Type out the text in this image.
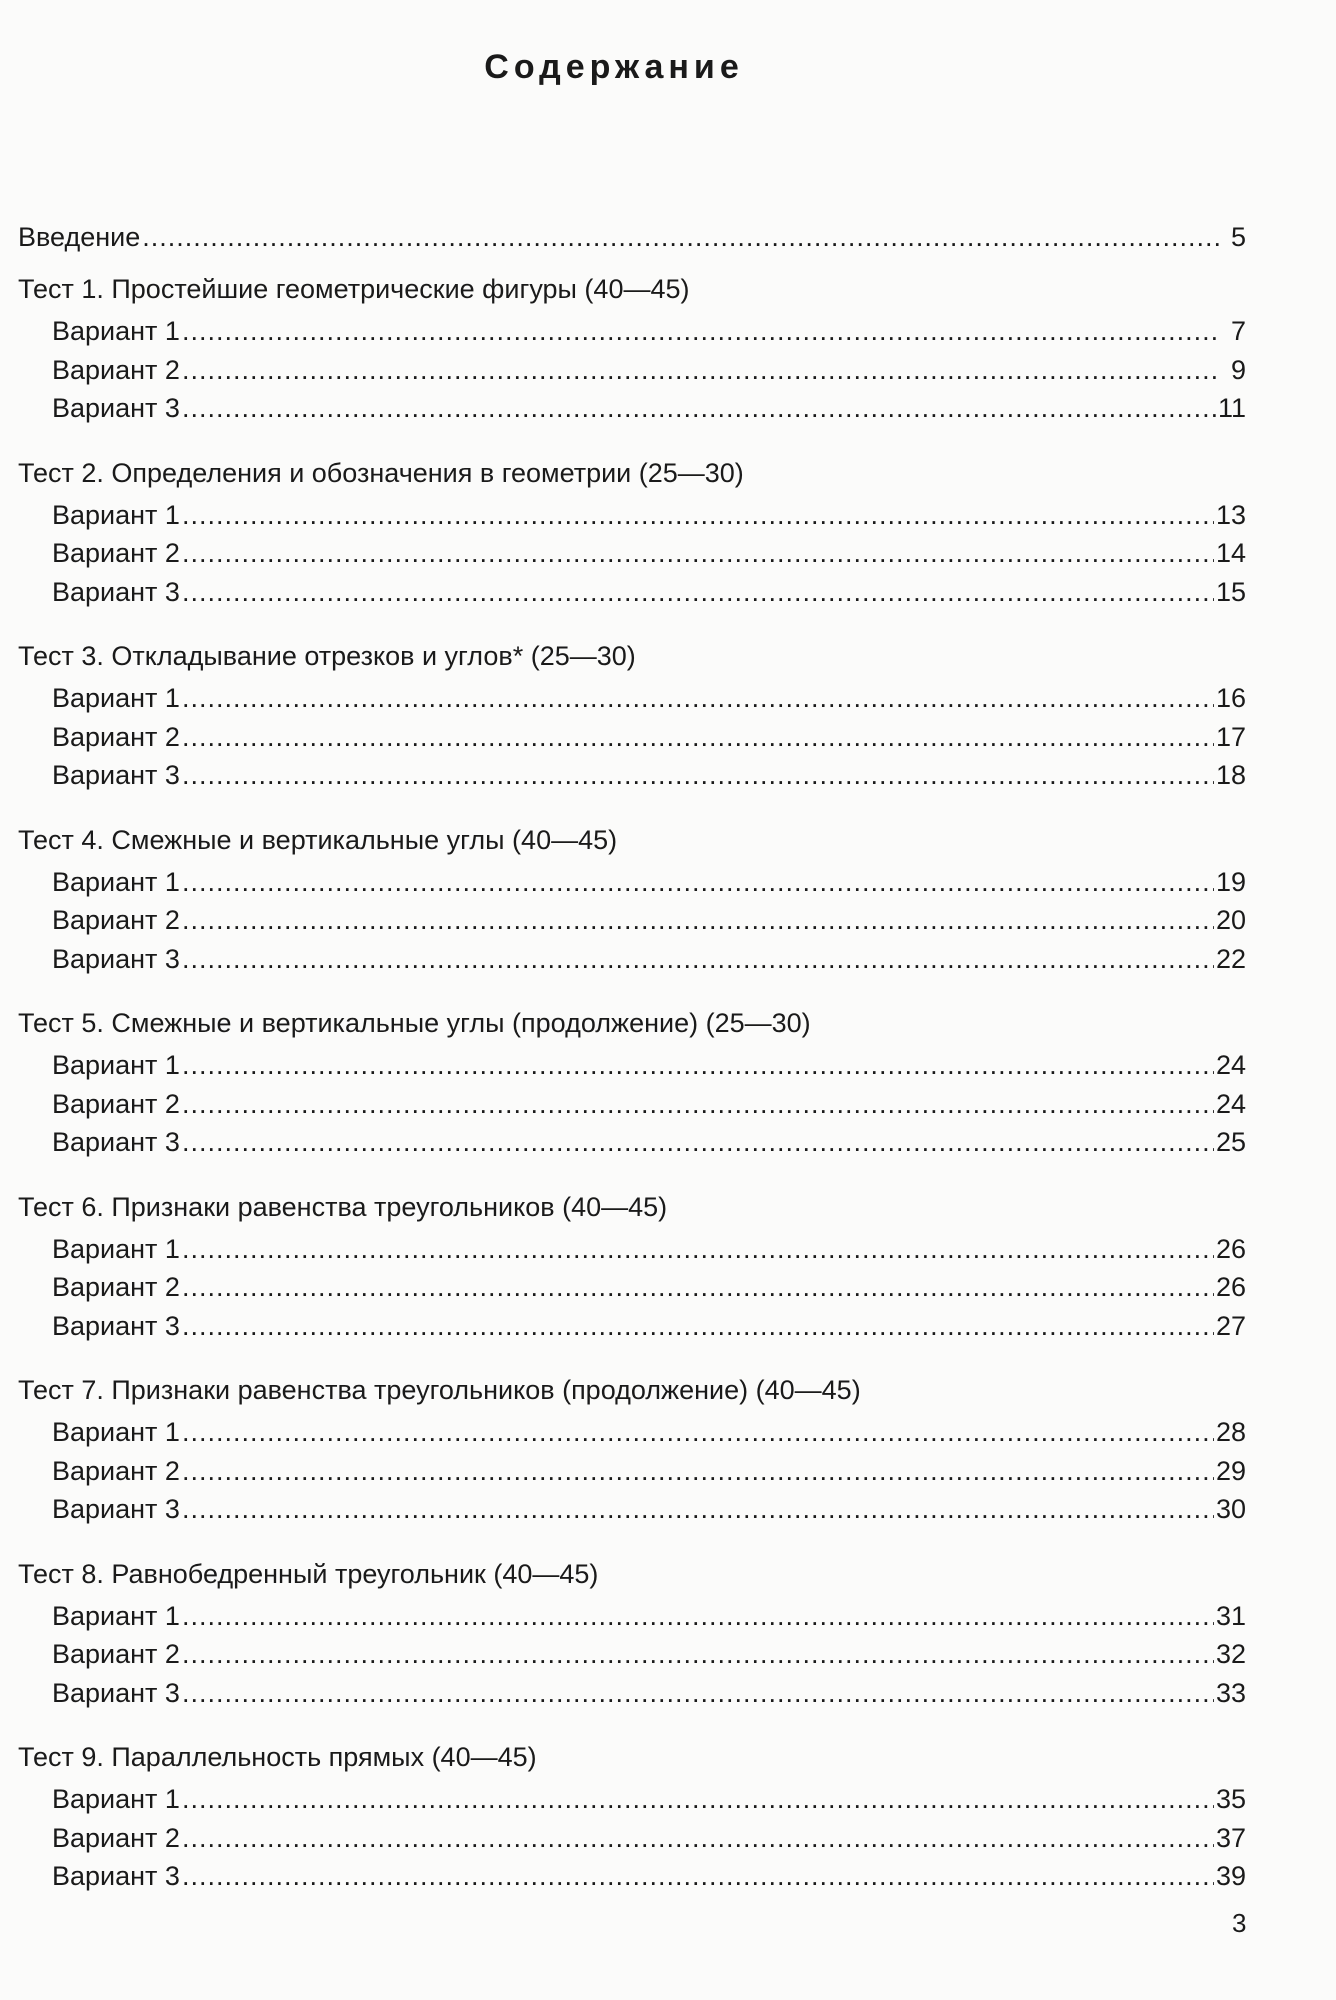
Содержание
Введение .....	5
Тест 1. Простейшие геометрические фигуры (40—45)
Вариант 1 .....	7
Вариант 2 .....	9
Вариант 3 .....	11
Тест 2. Определения и обозначения в геометрии (25—30)
Вариант 1 .....	13
Вариант 2 .....	14
Вариант 3 .....	15
Тест 3. Откладывание отрезков и углов* (25—30)
Вариант 1 .....	16
Вариант 2 .....	17
Вариант 3 .....	18
Тест 4. Смежные и вертикальные углы (40—45)
Вариант 1 .....	19
Вариант 2 .....	20
Вариант 3 .....	22
Тест 5. Смежные и вертикальные углы (продолжение) (25—30)
Вариант 1 .....	24
Вариант 2 .....	24
Вариант 3 .....	25
Тест 6. Признаки равенства треугольников (40—45)
Вариант 1 .....	26
Вариант 2 .....	26
Вариант 3 .....	27
Тест 7. Признаки равенства треугольников (продолжение) (40—45)
Вариант 1 .....	28
Вариант 2 .....	29
Вариант 3 .....	30
Тест 8. Равнобедренный треугольник (40—45)
Вариант 1 .....	31
Вариант 2 .....	32
Вариант 3 .....	33
Тест 9. Параллельность прямых (40—45)
Вариант 1 .....	35
Вариант 2 .....	37
Вариант 3 .....	39
3
